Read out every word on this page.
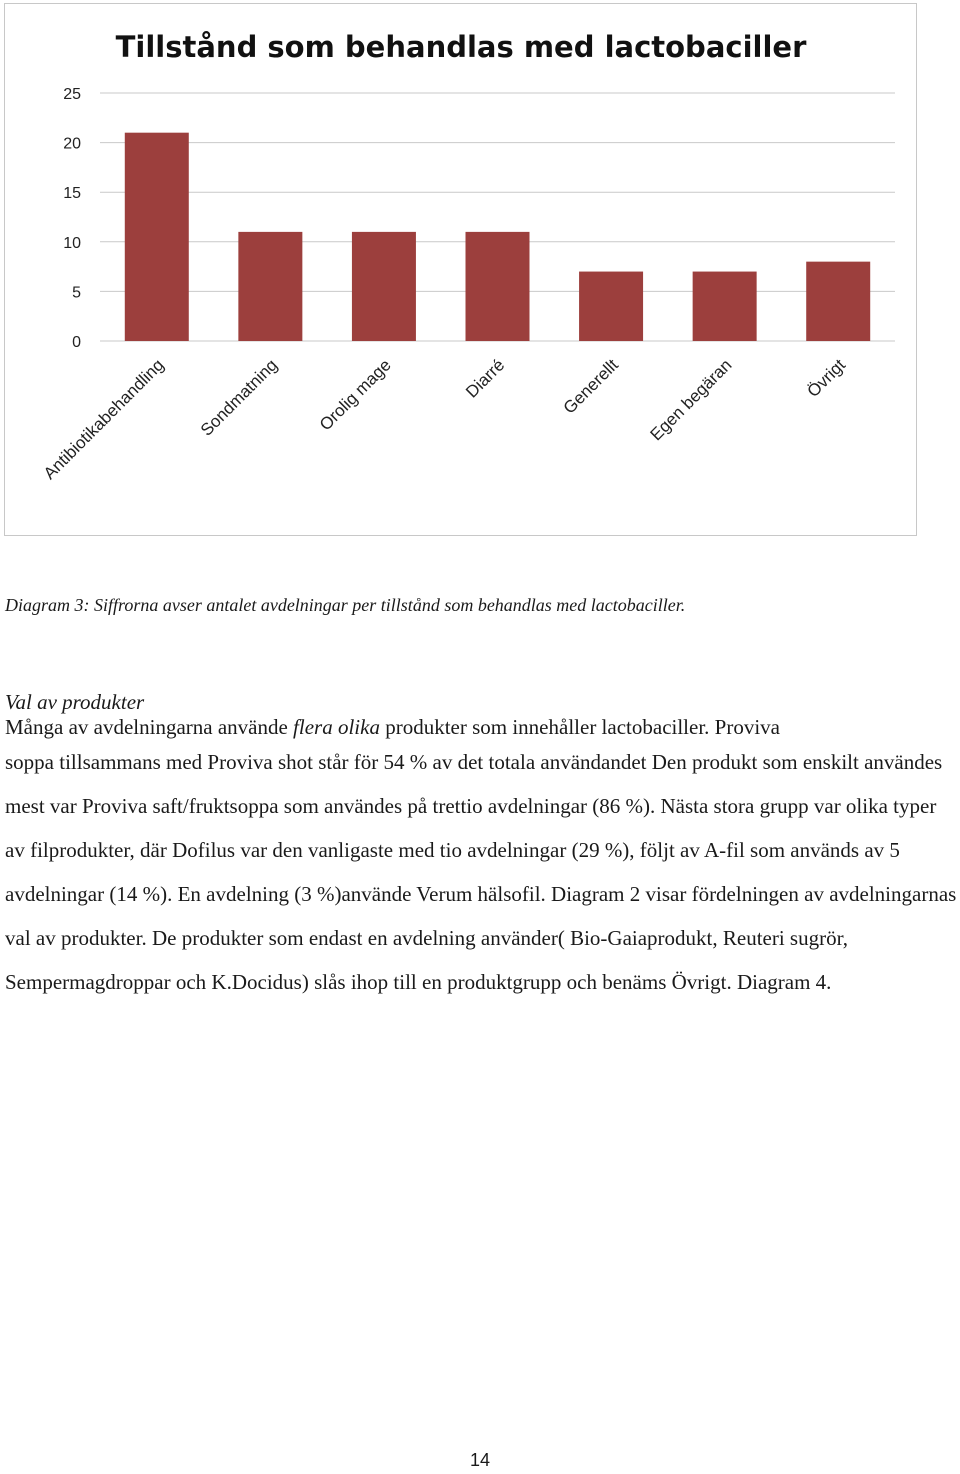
Tillstånd som behandlas med lactobaciller
0
5
10
15
20
25
Antibiotikabehandling Sondmatning Orolig mage	Diarré	Generellt Egen begäran	Övrigt

Diagram 3: Siffrorna avser antalet avdelningar per tillstånd som behandlas med lactobaciller.

Val av produkter

Många av avdelningarna använde flera olika produkter som innehåller lactobaciller. Proviva
soppa tillsammans med Proviva shot står för 54 % av det totala användandet Den produkt som enskilt användes mest var Proviva saft/fruktsoppa som användes på trettio avdelningar (86 %). Nästa stora grupp var olika typer av filprodukter, där Dofilus var den vanligaste med tio avdelningar (29 %), följt av A-fil som används av 5 avdelningar (14 %). En avdelning (3 %)använde Verum hälsofil. Diagram 2 visar fördelningen av avdelningarnas val av produkter. De produkter som endast en avdelning använder( Bio-Gaiaprodukt, Reuteri sugrör, Sempermagdroppar och K.Docidus) slås ihop till en produktgrupp och benäms Övrigt. Diagram 4.

14
